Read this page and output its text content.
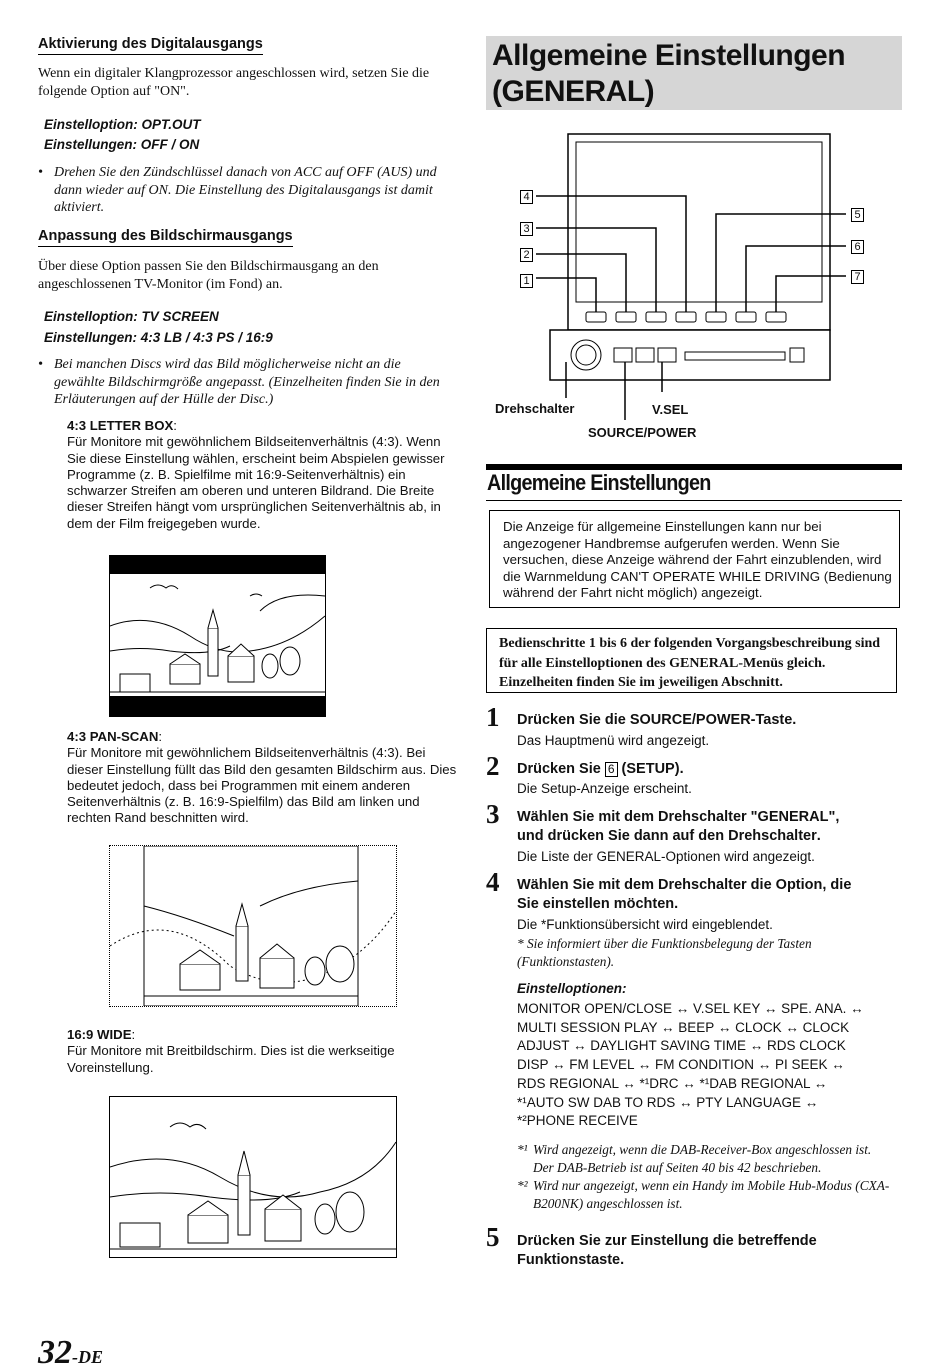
Aktivierung des Digitalausgangs
Wenn ein digitaler Klangprozessor angeschlossen wird, setzen Sie die folgende Option auf "ON".
Einstelloption: OPT.OUT
Einstellungen: OFF / ON
• Drehen Sie den Zündschlüssel danach von ACC auf OFF (AUS) und dann wieder auf ON. Die Einstellung des Digitalausgangs ist damit aktiviert.
Anpassung des Bildschirmausgangs
Über diese Option passen Sie den Bildschirmausgang an den angeschlossenen TV-Monitor (im Fond) an.
Einstelloption: TV SCREEN
Einstellungen: 4:3 LB / 4:3 PS / 16:9
• Bei manchen Discs wird das Bild möglicherweise nicht an die gewählte Bildschirmgröße angepasst. (Einzelheiten finden Sie in den Erläuterungen auf der Hülle der Disc.)
4:3 LETTER BOX:
Für Monitore mit gewöhnlichem Bildseitenverhältnis (4:3). Wenn Sie diese Einstellung wählen, erscheint beim Abspielen gewisser Programme (z. B. Spielfilme mit 16:9-Seitenverhältnis) ein schwarzer Streifen am oberen und unteren Bildrand. Die Breite dieser Streifen hängt vom ursprünglichen Seitenverhältnis ab, in dem der Film freigegeben wurde.
4:3 PAN-SCAN:
Für Monitore mit gewöhnlichem Bildseitenverhältnis (4:3). Bei dieser Einstellung füllt das Bild den gesamten Bildschirm aus. Dies bedeutet jedoch, dass bei Programmen mit einem anderen Seitenverhältnis (z. B. 16:9-Spielfilm) das Bild am linken und rechten Rand beschnitten wird.
16:9 WIDE:
Für Monitore mit Breitbildschirm. Dies ist die werkseitige Voreinstellung.
32-DE
Allgemeine Einstellungen
(GENERAL)
4
3
2
1
5
6
7
Drehschalter	V.SEL
SOURCE/POWER
Allgemeine Einstellungen
Die Anzeige für allgemeine Einstellungen kann nur bei angezogener Handbremse aufgerufen werden. Wenn Sie versuchen, diese Anzeige während der Fahrt einzublenden, wird die Warnmeldung CAN'T OPERATE WHILE DRIVING (Bedienung während der Fahrt nicht möglich) angezeigt.
Bedienschritte 1 bis 6 der folgenden Vorgangsbeschreibung sind für alle Einstelloptionen des GENERAL-Menüs gleich. Einzelheiten finden Sie im jeweiligen Abschnitt.
1 Drücken Sie die SOURCE/POWER-Taste.
Das Hauptmenü wird angezeigt.
2 Drücken Sie 6 (SETUP).
Die Setup-Anzeige erscheint.
3 Wählen Sie mit dem Drehschalter "GENERAL",
und drücken Sie dann auf den Drehschalter.
Die Liste der GENERAL-Optionen wird angezeigt.
4 Wählen Sie mit dem Drehschalter die Option, die
Sie einstellen möchten.
Die *Funktionsübersicht wird eingeblendet.
* Sie informiert über die Funktionsbelegung der Tasten (Funktionstasten).
Einstelloptionen:
MONITOR OPEN/CLOSE ↔ V.SEL KEY ↔ SPE. ANA. ↔
MULTI SESSION PLAY ↔ BEEP ↔ CLOCK ↔ CLOCK
ADJUST ↔ DAYLIGHT SAVING TIME ↔ RDS CLOCK
DISP ↔ FM LEVEL ↔ FM CONDITION ↔ PI SEEK ↔
RDS REGIONAL ↔ *¹DRC ↔ *¹DAB REGIONAL ↔
*¹AUTO SW DAB TO RDS ↔ PTY LANGUAGE ↔
*²PHONE RECEIVE
*¹ Wird angezeigt, wenn die DAB-Receiver-Box angeschlossen ist. Der DAB-Betrieb ist auf Seiten 40 bis 42 beschrieben.
*² Wird nur angezeigt, wenn ein Handy im Mobile Hub-Modus (CXA-B200NK) angeschlossen ist.
5 Drücken Sie zur Einstellung die betreffende
Funktionstaste.
